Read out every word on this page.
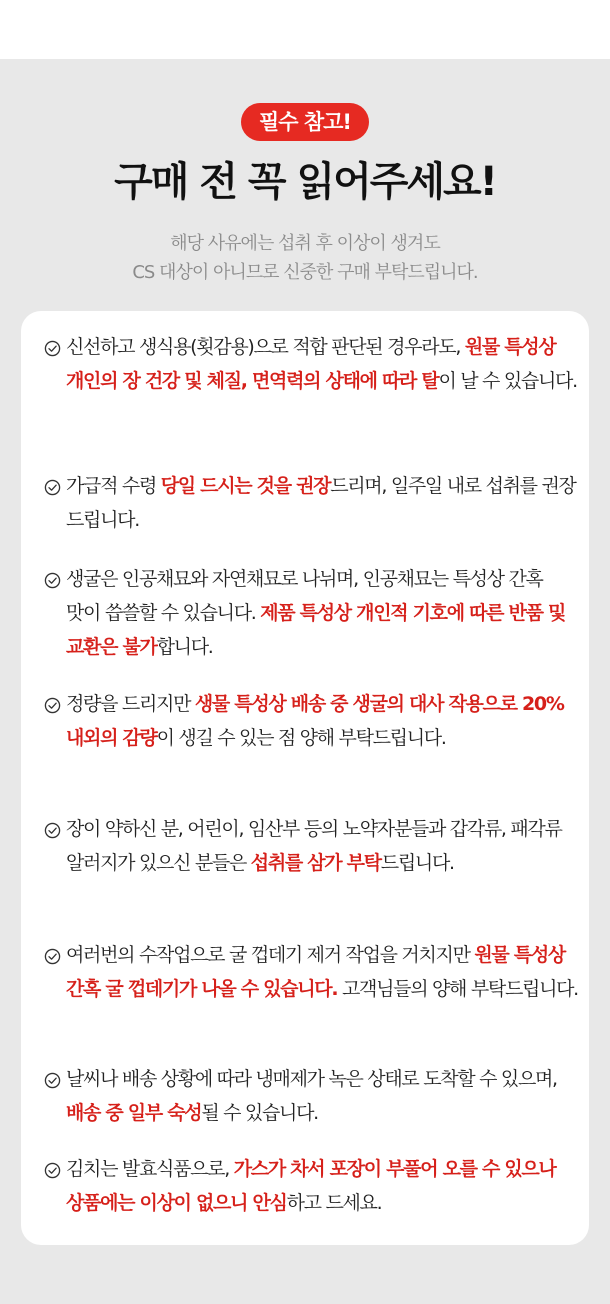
필수 참고!
구매 전 꼭 읽어주세요!
해당 사유에는 섭취 후 이상이 생겨도
CS 대상이 아니므로 신중한 구매 부탁드립니다.
신선하고 생식용(횟감용)으로 적합 판단된 경우라도, 원물 특성상 개인의 장 건강 및 체질, 면역력의 상태에 따라 탈이 날 수 있습니다.
가급적 수령 당일 드시는 것을 권장드리며, 일주일 내로 섭취를 권장 드립니다.
생굴은 인공채묘와 자연채묘로 나뉘며, 인공채묘는 특성상 간혹 맛이 씁쓸할 수 있습니다. 제품 특성상 개인적 기호에 따른 반품 및 교환은 불가합니다.
정량을 드리지만 생물 특성상 배송 중 생굴의 대사 작용으로 20% 내외의 감량이 생길 수 있는 점 양해 부탁드립니다.
장이 약하신 분, 어린이, 임산부 등의 노약자분들과 갑각류, 패각류 알러지가 있으신 분들은 섭취를 삼가 부탁드립니다.
여러번의 수작업으로 굴 껍데기 제거 작업을 거치지만 원물 특성상 간혹 굴 껍데기가 나올 수 있습니다. 고객님들의 양해 부탁드립니다.
날씨나 배송 상황에 따라 냉매제가 녹은 상태로 도착할 수 있으며, 배송 중 일부 숙성될 수 있습니다.
김치는 발효식품으로, 가스가 차서 포장이 부풀어 오를 수 있으나 상품에는 이상이 없으니 안심하고 드세요.
